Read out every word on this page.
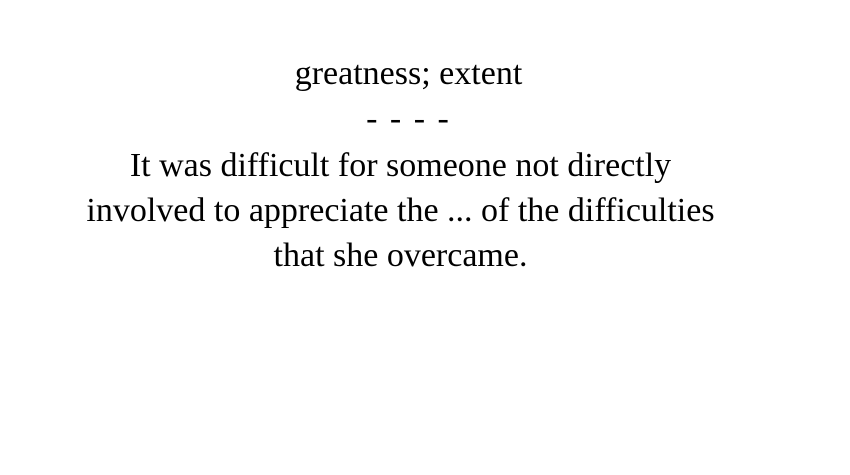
greatness; extent
- - - -
It was difficult for someone not directly
involved to appreciate the ... of the difficulties
that she overcame.
